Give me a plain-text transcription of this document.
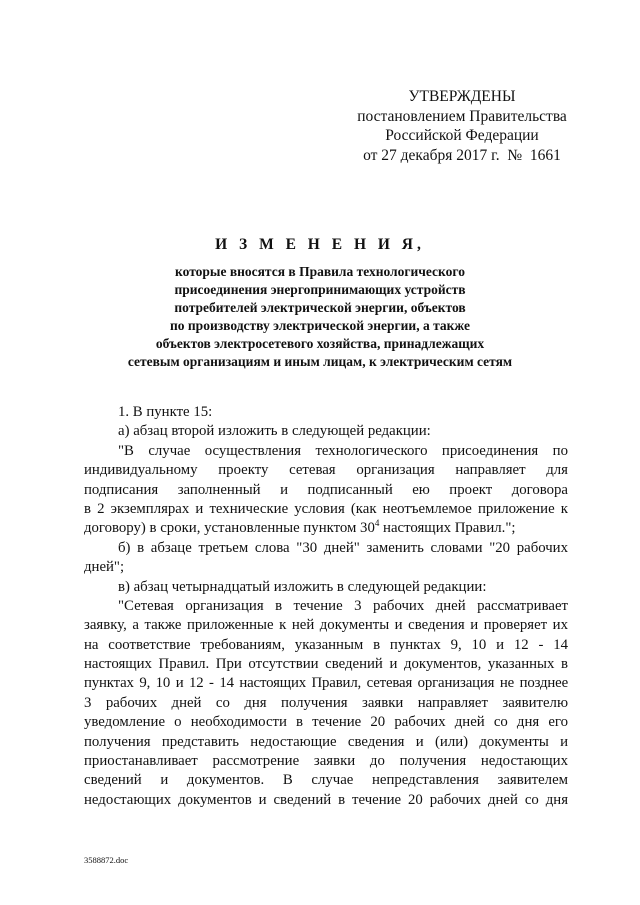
УТВЕРЖДЕНЫ
постановлением Правительства
Российской Федерации
от 27 декабря 2017 г.  №  1661
И З М Е Н Е Н И Я,
которые вносятся в Правила технологического
присоединения энергопринимающих устройств
потребителей электрической энергии, объектов
по производству электрической энергии, а также
объектов электросетевого хозяйства, принадлежащих
сетевым организациям и иным лицам, к электрическим сетям
1. В пункте 15:
а) абзац второй изложить в следующей редакции:
"В случае осуществления технологического присоединения по
индивидуальному проекту сетевая организация направляет для
подписания заполненный и подписанный ею проект договора
в 2 экземплярах и технические условия (как неотъемлемое приложение к
договору) в сроки, установленные пунктом $30^4$ настоящих Правил.";
б) в абзаце третьем слова "30 дней" заменить словами "20 рабочих
дней";
в) абзац четырнадцатый изложить в следующей редакции:
"Сетевая организация в течение 3 рабочих дней рассматривает
заявку, а также приложенные к ней документы и сведения и проверяет их
на соответствие требованиям, указанным в пунктах 9, 10 и 12 - 14
настоящих Правил. При отсутствии сведений и документов, указанных в
пунктах 9, 10 и 12 - 14 настоящих Правил, сетевая организация не позднее
3 рабочих дней со дня получения заявки направляет заявителю
уведомление о необходимости в течение 20 рабочих дней со дня его
получения представить недостающие сведения и (или) документы и
приостанавливает рассмотрение заявки до получения недостающих
сведений и документов. В случае непредставления заявителем
недостающих документов и сведений в течение 20 рабочих дней со дня
3588872.doc
